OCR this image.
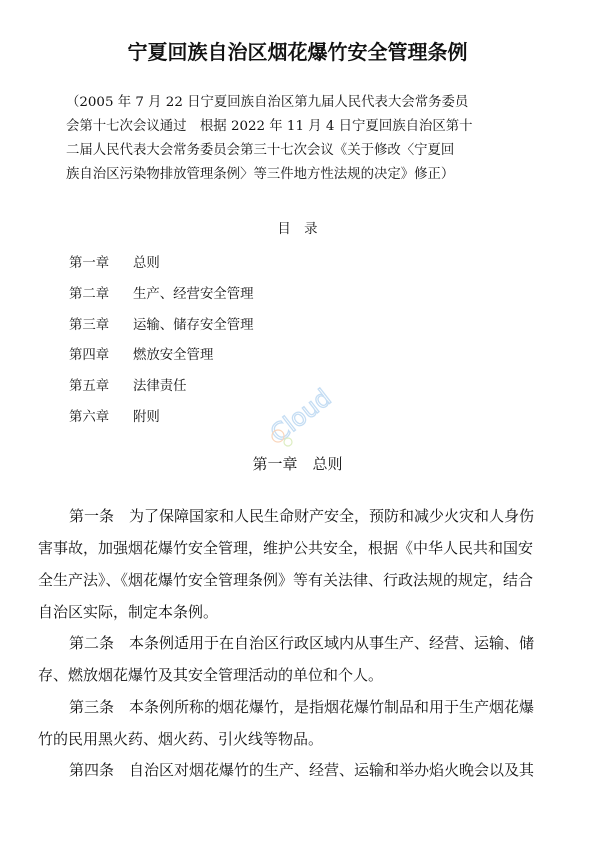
宁夏回族自治区烟花爆竹安全管理条例
（2005 年 7 月 22 日宁夏回族自治区第九届人民代表大会常务委员
会第十七次会议通过　根据 2022 年 11 月 4 日宁夏回族自治区第十
二届人民代表大会常务委员会第三十七次会议《关于修改〈宁夏回
族自治区污染物排放管理条例〉等三件地方性法规的决定》修正）
目　录
第一章 总则
第二章 生产、经营安全管理
第三章 运输、储存安全管理
第四章 燃放安全管理
第五章 法律责任
第六章 附则	Cloud
第一章　总则
第一条　为了保障国家和人民生命财产安全，预防和减少火灾和人身伤
害事故，加强烟花爆竹安全管理，维护公共安全，根据《中华人民共和国安
全生产法》、《烟花爆竹安全管理条例》等有关法律、行政法规的规定，结合
自治区实际，制定本条例。
第二条　本条例适用于在自治区行政区域内从事生产、经营、运输、储
存、燃放烟花爆竹及其安全管理活动的单位和个人。
第三条　本条例所称的烟花爆竹，是指烟花爆竹制品和用于生产烟花爆
竹的民用黑火药、烟火药、引火线等物品。
第四条　自治区对烟花爆竹的生产、经营、运输和举办焰火晚会以及其
